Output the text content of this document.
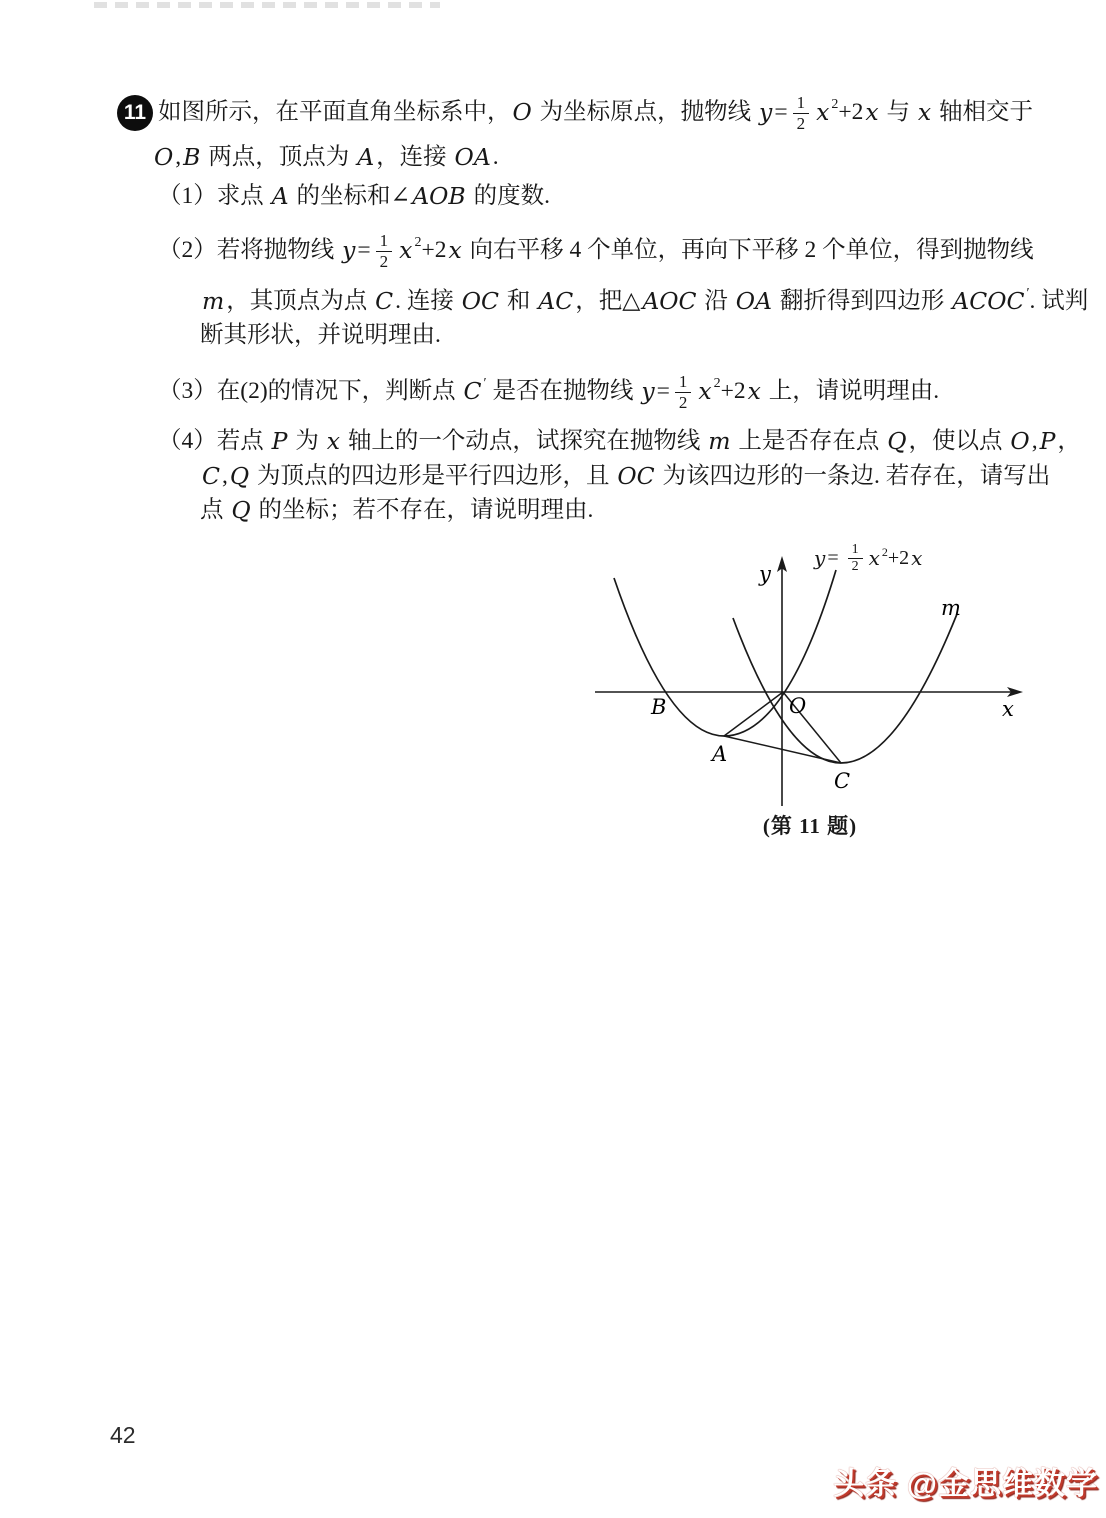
11 如图所示，在平面直角坐标系中， O 为坐标原点，抛物线 $y = \frac{1}{2}$ x 2 +2 x 与 x 轴相交于
O , B 两点，顶点为 A ，连接 OA .
（1）求点 A 的坐标和∠ AOB 的度数.
（2）若将抛物线 $y = \frac{1}{2}$ x 2 +2 x 向右平移 4 个单位，再向下平移 2 个单位，得到抛物线
m ，其顶点为点 C . 连接 OC 和 AC ，把△ AOC 沿 OA 翻折得到四边形 ACOC ′ . 试判
断其形状，并说明理由.
（3）在(2)的情况下，判断点 C ′ 是否在抛物线 $y = \frac{1}{2}$ x 2 +2 x 上，请说明理由.
（4）若点 P 为 x 轴上的一个动点，试探究在抛物线 m 上是否存在点 Q ，使以点 O , P ，
C , Q 为顶点的四边形是平行四边形，且 OC 为该四边形的一条边. 若存在，请写出
点 Q 的坐标；若不存在，请说明理由.
B
A
O
C
x
y
m
$y = \frac{1}{2}$ x 2 +2 x
(第 11 题)
42
头条 @金思维数学
